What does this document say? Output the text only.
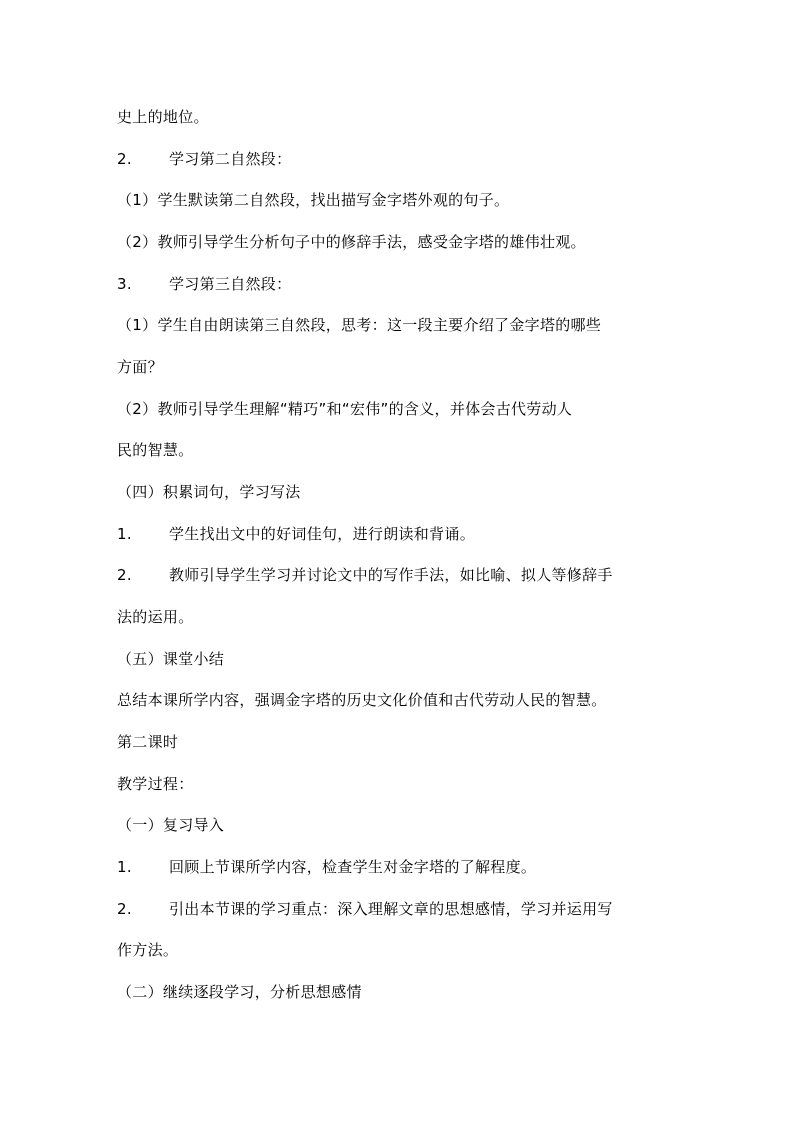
史上的地位。
2. 学习第二自然段：
（1）学生默读第二自然段，找出描写金字塔外观的句子。
（2）教师引导学生分析句子中的修辞手法，感受金字塔的雄伟壮观。
3. 学习第三自然段：
（1）学生自由朗读第三自然段，思考：这一段主要介绍了金字塔的哪些
方面？
（2）教师引导学生理解“精巧”和“宏伟”的含义，并体会古代劳动人
民的智慧。
（四）积累词句，学习写法
1. 学生找出文中的好词佳句，进行朗读和背诵。
2. 教师引导学生学习并讨论文中的写作手法，如比喻、拟人等修辞手
法的运用。
（五）课堂小结
总结本课所学内容，强调金字塔的历史文化价值和古代劳动人民的智慧。
第二课时
教学过程：
（一）复习导入
1. 回顾上节课所学内容，检查学生对金字塔的了解程度。
2. 引出本节课的学习重点：深入理解文章的思想感情，学习并运用写
作方法。
（二）继续逐段学习，分析思想感情
